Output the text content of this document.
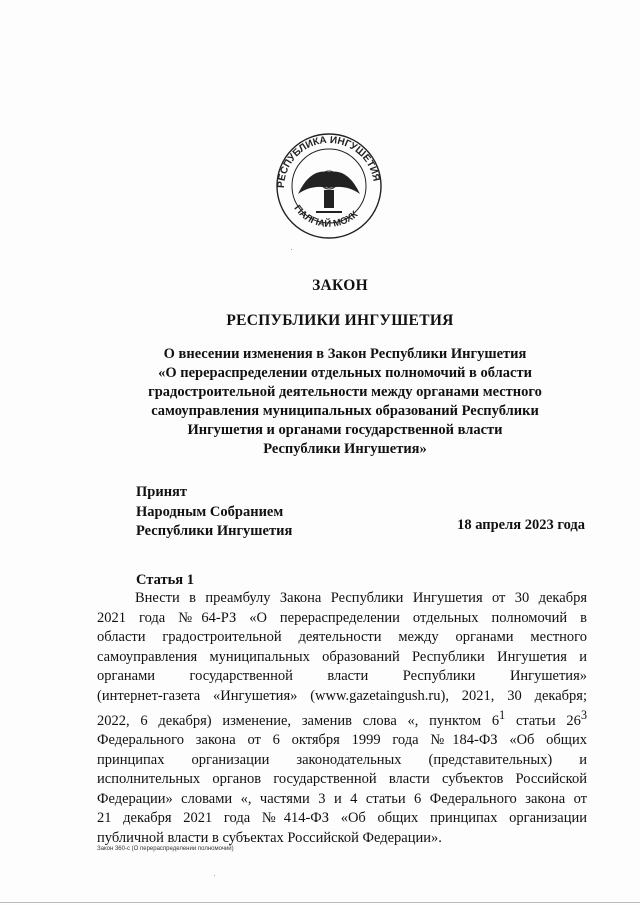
РЕСПУБЛИКА ИНГУШЕТИЯ
ГIАЛГIАЙ МОХК
ЗАКОН
РЕСПУБЛИКИ ИНГУШЕТИЯ
О внесении изменения в Закон Республики Ингушетия
«О перераспределении отдельных полномочий в области
градостроительной деятельности между органами местного
самоуправления муниципальных образований Республики
Ингушетия и органами государственной власти
Республики Ингушетия»
Принят
Народным Собранием
Республики Ингушетия	18 апреля 2023 года
Статья 1
Внести в преамбулу Закона Республики Ингушетия от 30 декабря
2021 года №64-РЗ «О перераспределении отдельных полномочий в
области градостроительной деятельности между органами местного
самоуправления муниципальных образований Республики Ингушетия и
органами государственной власти Республики Ингушетия»
(интернет-газета «Ингушетия» (www.gazetaingush.ru), 2021, 30 декабря;
2022, 6 декабря) изменение, заменив слова «, пунктом $6^1$ статьи $26^3$
Федерального закона от 6 октября 1999 года №184-ФЗ «Об общих
принципах организации законодательных (представительных) и
исполнительных органов государственной власти субъектов Российской
Федерации» словами «, частями 3 и 4 статьи 6 Федерального закона от
21 декабря 2021 года №414-ФЗ «Об общих принципах организации
публичной власти в субъектах Российской Федерации».
Закон 360-с (О перераспределении полномочий)
